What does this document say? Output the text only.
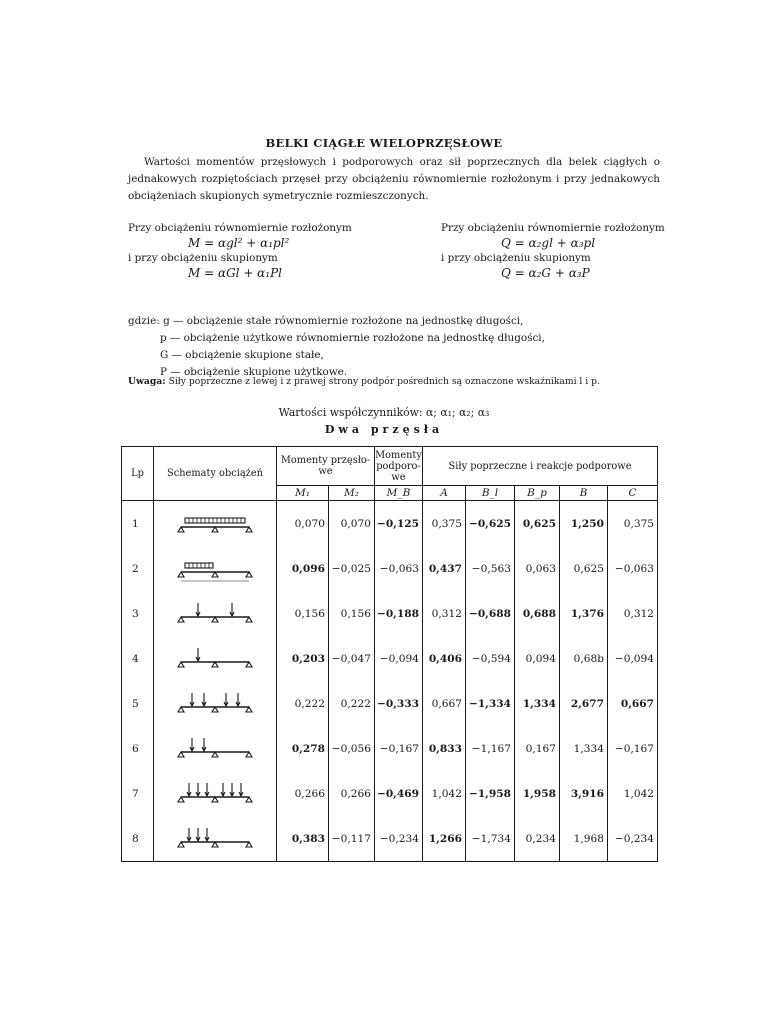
BELKI CIĄGŁE WIELOPRZĘSŁOWE
Wartości momentów przęsłowych i podporowych oraz sił poprzecznych dla belek ciągłych o jednakowych rozpiętościach przęseł przy obciążeniu równomiernie rozłożonym i przy jednakowych obciążeniach skupionych symetrycznie rozmieszczonych.
Przy obciążeniu równomiernie rozłożonym
M = αgl² + α₁pl²
i przy obciążeniu skupionym
M = αGl + α₁Pl
Przy obciążeniu równomiernie rozłożonym
Q = α₂gl + α₃pl
i przy obciążeniu skupionym
Q = α₂G + α₃P
gdzie: g — obciążenie stałe równomiernie rozłożone na jednostkę długości,
p — obciążenie użytkowe równomiernie rozłożone na jednostkę długości,
G — obciążenie skupione stałe,
P — obciążenie skupione użytkowe.
Uwaga: Siły poprzeczne z lewej i z prawej strony podpór pośrednich są oznaczone wskaźnikami l i p.
Wartości współczynników: α; α₁; α₂; α₃
Dwa przęsła
Lp	Schematy obciążeń	Momenty przęsło-we		Momenty podporo-we	Siły poprzeczne i reakcje podporowe				
		M₁	M₂	M_B	A	B_l	B_p	B	C
1		0,070	0,070	−0,125	0,375	−0,625	0,625	1,250	0,375
2		0,096	−0,025	−0,063	0,437	−0,563	0,063	0,625	−0,063
3		0,156	0,156	−0,188	0,312	−0,688	0,688	1,376	0,312
4		0,203	−0,047	−0,094	0,406	−0,594	0,094	0,68b	−0,094
5		0,222	0,222	−0,333	0,667	−1,334	1,334	2,677	0,667
6		0,278	−0,056	−0,167	0,833	−1,167	0,167	1,334	−0,167
7		0,266	0,266	−0,469	1,042	−1,958	1,958	3,916	1,042
8		0,383	−0,117	−0,234	1,266	−1,734	0,234	1,968	−0,234
